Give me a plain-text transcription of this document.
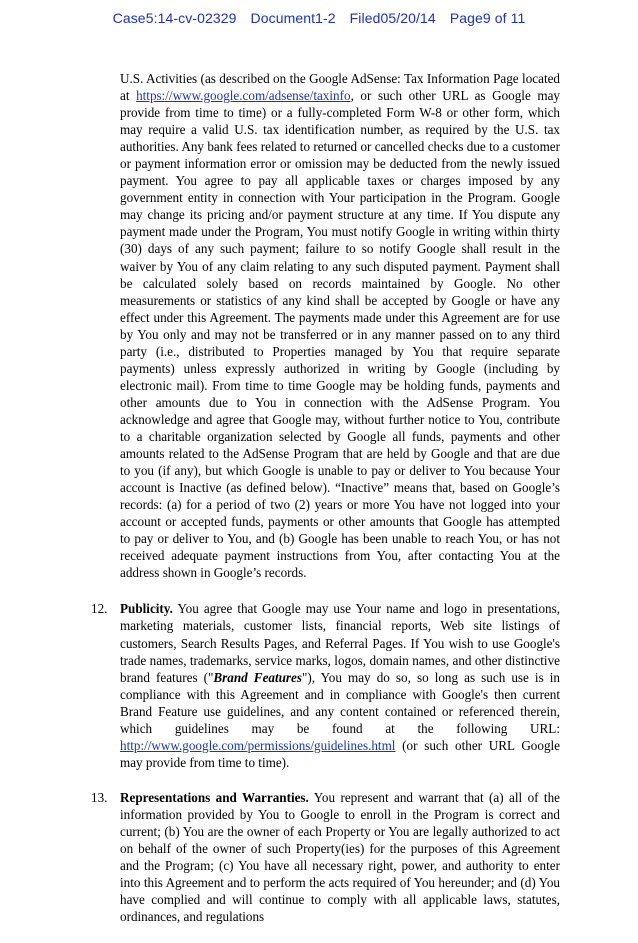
Case5:14-cv-02329 Document1-2 Filed05/20/14 Page9 of 11
U.S. Activities (as described on the Google AdSense: Tax Information Page located at https://www.google.com/adsense/taxinfo, or such other URL as Google may provide from time to time) or a fully-completed Form W-8 or other form, which may require a valid U.S. tax identification number, as required by the U.S. tax authorities. Any bank fees related to returned or cancelled checks due to a customer or payment information error or omission may be deducted from the newly issued payment. You agree to pay all applicable taxes or charges imposed by any government entity in connection with Your participation in the Program. Google may change its pricing and/or payment structure at any time. If You dispute any payment made under the Program, You must notify Google in writing within thirty (30) days of any such payment; failure to so notify Google shall result in the waiver by You of any claim relating to any such disputed payment. Payment shall be calculated solely based on records maintained by Google. No other measurements or statistics of any kind shall be accepted by Google or have any effect under this Agreement. The payments made under this Agreement are for use by You only and may not be transferred or in any manner passed on to any third party (i.e., distributed to Properties managed by You that require separate payments) unless expressly authorized in writing by Google (including by electronic mail). From time to time Google may be holding funds, payments and other amounts due to You in connection with the AdSense Program. You acknowledge and agree that Google may, without further notice to You, contribute to a charitable organization selected by Google all funds, payments and other amounts related to the AdSense Program that are held by Google and that are due to you (if any), but which Google is unable to pay or deliver to You because Your account is Inactive (as defined below). “Inactive” means that, based on Google’s records: (a) for a period of two (2) years or more You have not logged into your account or accepted funds, payments or other amounts that Google has attempted to pay or deliver to You, and (b) Google has been unable to reach You, or has not received adequate payment instructions from You, after contacting You at the address shown in Google’s records.
12. Publicity. You agree that Google may use Your name and logo in presentations, marketing materials, customer lists, financial reports, Web site listings of customers, Search Results Pages, and Referral Pages. If You wish to use Google's trade names, trademarks, service marks, logos, domain names, and other distinctive brand features ("Brand Features"), You may do so, so long as such use is in compliance with this Agreement and in compliance with Google's then current Brand Feature use guidelines, and any content contained or referenced therein, which guidelines may be found at the following URL: http://www.google.com/permissions/guidelines.html (or such other URL Google may provide from time to time).
13. Representations and Warranties. You represent and warrant that (a) all of the information provided by You to Google to enroll in the Program is correct and current; (b) You are the owner of each Property or You are legally authorized to act on behalf of the owner of such Property(ies) for the purposes of this Agreement and the Program; (c) You have all necessary right, power, and authority to enter into this Agreement and to perform the acts required of You hereunder; and (d) You have complied and will continue to comply with all applicable laws, statutes, ordinances, and regulations
